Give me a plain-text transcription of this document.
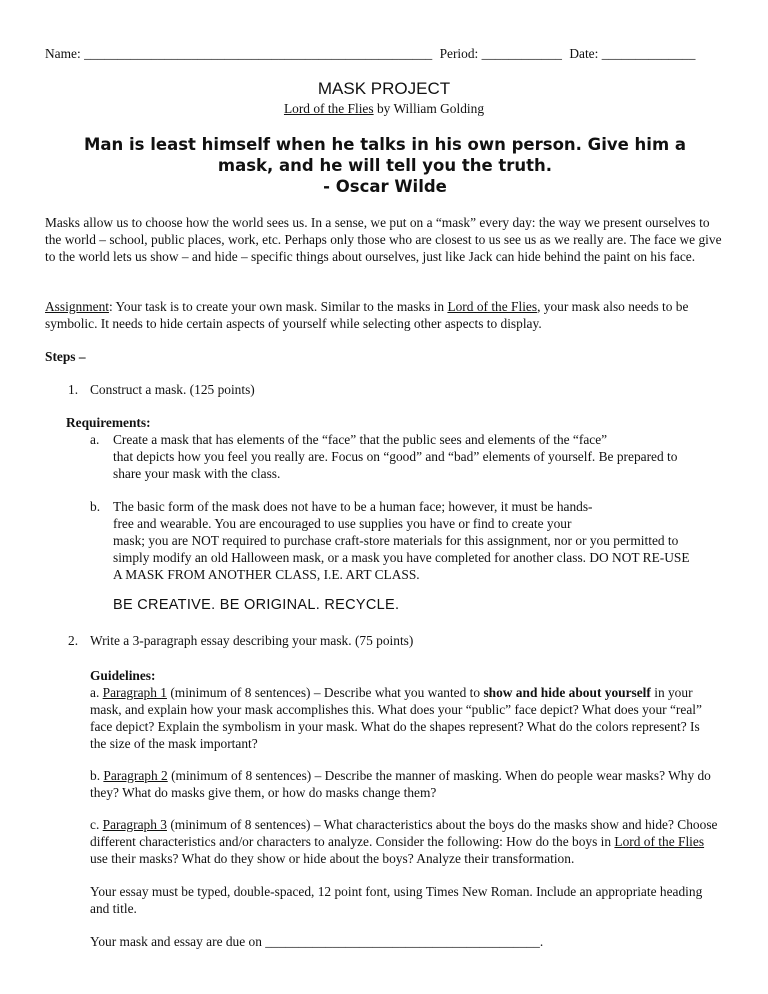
Name: ____________________________________________________ Period: ____________ Date: ______________
MASK PROJECT
Lord of the Flies by William Golding
Man is least himself when he talks in his own person. Give him a
mask, and he will tell you the truth.
- Oscar Wilde
Masks allow us to choose how the world sees us. In a sense, we put on a “mask” every day: the way we present ourselves to the world – school, public places, work, etc. Perhaps only those who are closest to us see us as we really are. The face we give to the world lets us show – and hide – specific things about ourselves, just like Jack can hide behind the paint on his face.
Assignment: Your task is to create your own mask. Similar to the masks in Lord of the Flies, your mask also needs to be symbolic. It needs to hide certain aspects of yourself while selecting other aspects to display.
Steps –
1. Construct a mask. (125 points)
Requirements:
a. Create a mask that has elements of the “face” that the public sees and elements of the “face”
that depicts how you feel you really are. Focus on “good” and “bad” elements of yourself. Be prepared to
share your mask with the class.
b. The basic form of the mask does not have to be a human face; however, it must be hands-
free and wearable. You are encouraged to use supplies you have or find to create your
mask; you are NOT required to purchase craft-store materials for this assignment, nor or you permitted to
simply modify an old Halloween mask, or a mask you have completed for another class. DO NOT RE-USE
A MASK FROM ANOTHER CLASS, I.E. ART CLASS.
BE CREATIVE. BE ORIGINAL. RECYCLE.
2. Write a 3-paragraph essay describing your mask. (75 points)
Guidelines:
a. Paragraph 1 (minimum of 8 sentences) – Describe what you wanted to show and hide about yourself in your mask, and explain how your mask accomplishes this. What does your “public” face depict? What does your “real” face depict? Explain the symbolism in your mask. What do the shapes represent? What do the colors represent? Is the size of the mask important?
b. Paragraph 2 (minimum of 8 sentences) – Describe the manner of masking. When do people wear masks? Why do they? What do masks give them, or how do masks change them?
c. Paragraph 3 (minimum of 8 sentences) – What characteristics about the boys do the masks show and hide? Choose different characteristics and/or characters to analyze. Consider the following: How do the boys in Lord of the Flies use their masks? What do they show or hide about the boys? Analyze their transformation.
Your essay must be typed, double-spaced, 12 point font, using Times New Roman. Include an appropriate heading and title.
Your mask and essay are due on _________________________________________.
